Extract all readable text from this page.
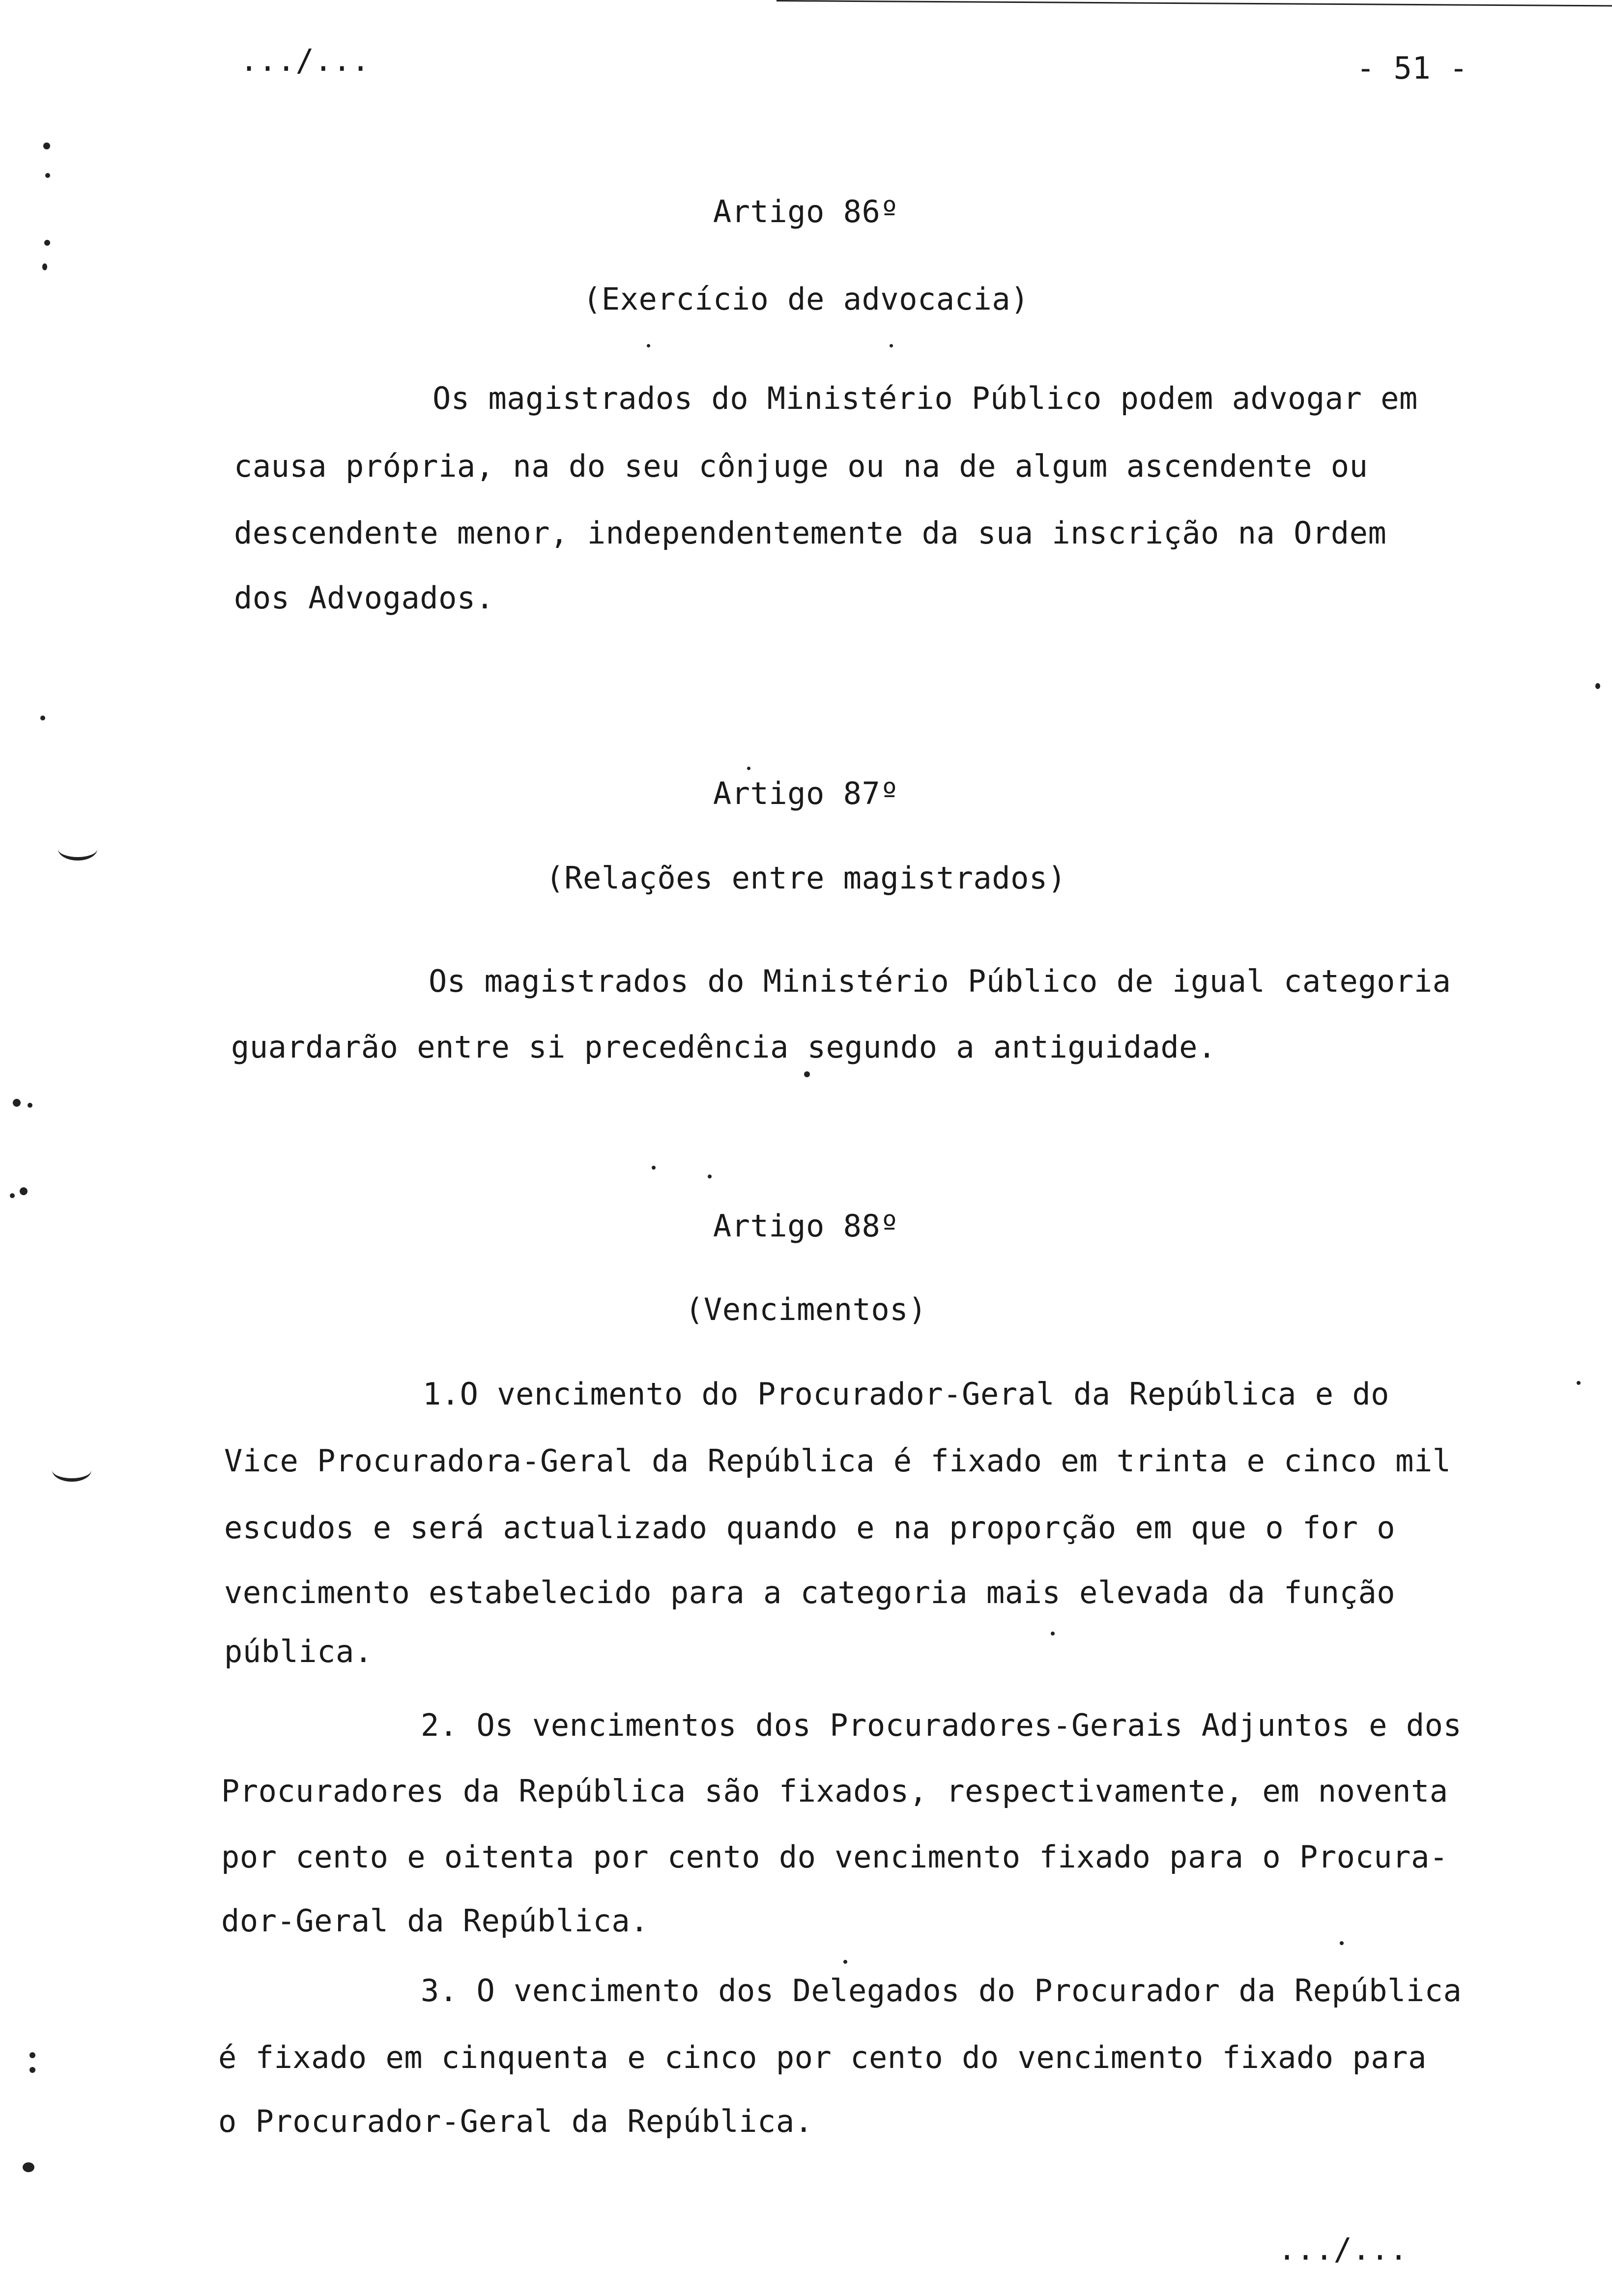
.../...	- 51 -
Artigo 86º
(Exercício de advocacia)
Os magistrados do Ministério Público podem advogar em
causa própria, na do seu cônjuge ou na de algum ascendente ou
descendente menor, independentemente da sua inscrição na Ordem
dos Advogados.
Artigo 87º
(Relações entre magistrados)
Os magistrados do Ministério Público de igual categoria
guardarão entre si precedência segundo a antiguidade.
Artigo 88º
(Vencimentos)
1.O vencimento do Procurador-Geral da República e do
Vice Procuradora-Geral da República é fixado em trinta e cinco mil
escudos e será actualizado quando e na proporção em que o for o
vencimento estabelecido para a categoria mais elevada da função
pública.
2. Os vencimentos dos Procuradores-Gerais Adjuntos e dos
Procuradores da República são fixados, respectivamente, em noventa
por cento e oitenta por cento do vencimento fixado para o Procura-
dor-Geral da República.
3. O vencimento dos Delegados do Procurador da República
é fixado em cinquenta e cinco por cento do vencimento fixado para
o Procurador-Geral da República.
.../...
